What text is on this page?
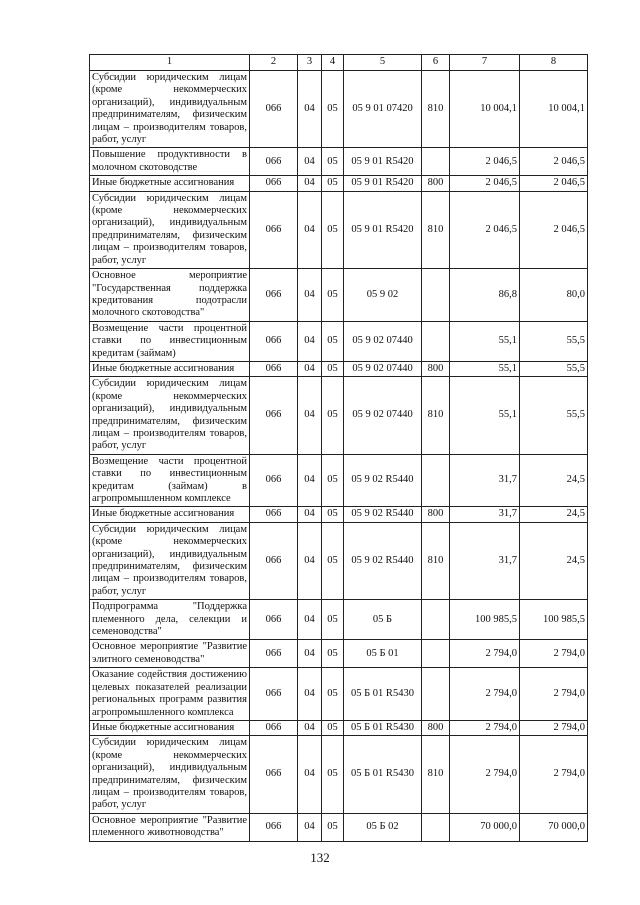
1	2	3	4	5	6	7	8
Субсидии юридическим лицам (кроме некоммерческих организаций), индивидуальным предпринимателям, физическим лицам – производителям товаров, работ, услуг	066	04	05	05 9 01 07420	810	10 004,1	10 004,1
Повышение продуктивности в молочном скотоводстве	066	04	05	05 9 01 R5420		2 046,5	2 046,5
Иные бюджетные ассигнования	066	04	05	05 9 01 R5420	800	2 046,5	2 046,5
Субсидии юридическим лицам (кроме некоммерческих организаций), индивидуальным предпринимателям, физическим лицам – производителям товаров, работ, услуг	066	04	05	05 9 01 R5420	810	2 046,5	2 046,5
Основное мероприятие "Государственная поддержка кредитования подотрасли молочного скотоводства"	066	04	05	05 9 02		86,8	80,0
Возмещение части процентной ставки по инвестиционным кредитам (займам)	066	04	05	05 9 02 07440		55,1	55,5
Иные бюджетные ассигнования	066	04	05	05 9 02 07440	800	55,1	55,5
Субсидии юридическим лицам (кроме некоммерческих организаций), индивидуальным предпринимателям, физическим лицам – производителям товаров, работ, услуг	066	04	05	05 9 02 07440	810	55,1	55,5
Возмещение части процентной ставки по инвестиционным кредитам (займам) в агропромышленном комплексе	066	04	05	05 9 02 R5440		31,7	24,5
Иные бюджетные ассигнования	066	04	05	05 9 02 R5440	800	31,7	24,5
Субсидии юридическим лицам (кроме некоммерческих организаций), индивидуальным предпринимателям, физическим лицам – производителям товаров, работ, услуг	066	04	05	05 9 02 R5440	810	31,7	24,5
Подпрограмма "Поддержка племенного дела, селекции и семеноводства"	066	04	05	05 Б		100 985,5	100 985,5
Основное мероприятие "Развитие элитного семеноводства"	066	04	05	05 Б 01		2 794,0	2 794,0
Оказание содействия достижению целевых показателей реализации региональных программ развития агропромышленного комплекса	066	04	05	05 Б 01 R5430		2 794,0	2 794,0
Иные бюджетные ассигнования	066	04	05	05 Б 01 R5430	800	2 794,0	2 794,0
Субсидии юридическим лицам (кроме некоммерческих организаций), индивидуальным предпринимателям, физическим лицам – производителям товаров, работ, услуг	066	04	05	05 Б 01 R5430	810	2 794,0	2 794,0
Основное мероприятие "Развитие племенного животноводства"	066	04	05	05 Б 02		70 000,0	70 000,0
132
